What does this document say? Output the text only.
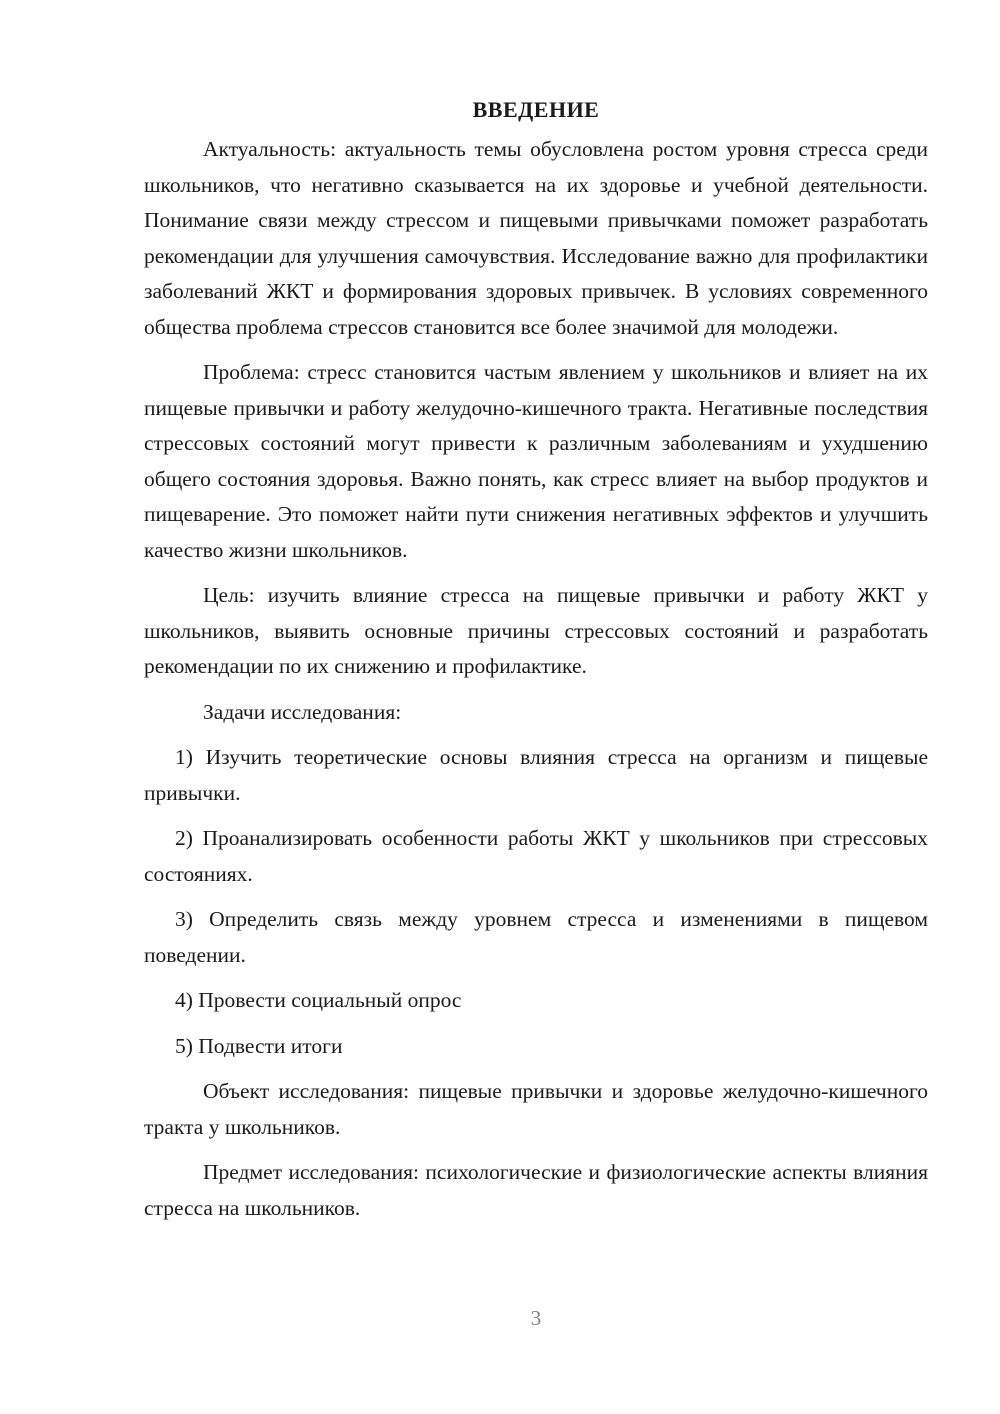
ВВЕДЕНИЕ

Актуальность: актуальность темы обусловлена ростом уровня стресса среди школьников, что негативно сказывается на их здоровье и учебной деятельности. Понимание связи между стрессом и пищевыми привычками поможет разработать рекомендации для улучшения самочувствия. Исследование важно для профилактики заболеваний ЖКТ и формирования здоровых привычек. В условиях современного общества проблема стрессов становится все более значимой для молодежи.

Проблема: стресс становится частым явлением у школьников и влияет на их пищевые привычки и работу желудочно-кишечного тракта. Негативные последствия стрессовых состояний могут привести к различным заболеваниям и ухудшению общего состояния здоровья. Важно понять, как стресс влияет на выбор продуктов и пищеварение. Это поможет найти пути снижения негативных эффектов и улучшить качество жизни школьников.

Цель: изучить влияние стресса на пищевые привычки и работу ЖКТ у школьников, выявить основные причины стрессовых состояний и разработать рекомендации по их снижению и профилактике.

Задачи исследования:

1) Изучить теоретические основы влияния стресса на организм и пищевые привычки.

2) Проанализировать особенности работы ЖКТ у школьников при стрессовых состояниях.

3) Определить связь между уровнем стресса и изменениями в пищевом поведении.

4) Провести социальный опрос

5) Подвести итоги

Объект исследования: пищевые привычки и здоровье желудочно-кишечного тракта у школьников.

Предмет исследования: психологические и физиологические аспекты влияния стресса на школьников.

3
